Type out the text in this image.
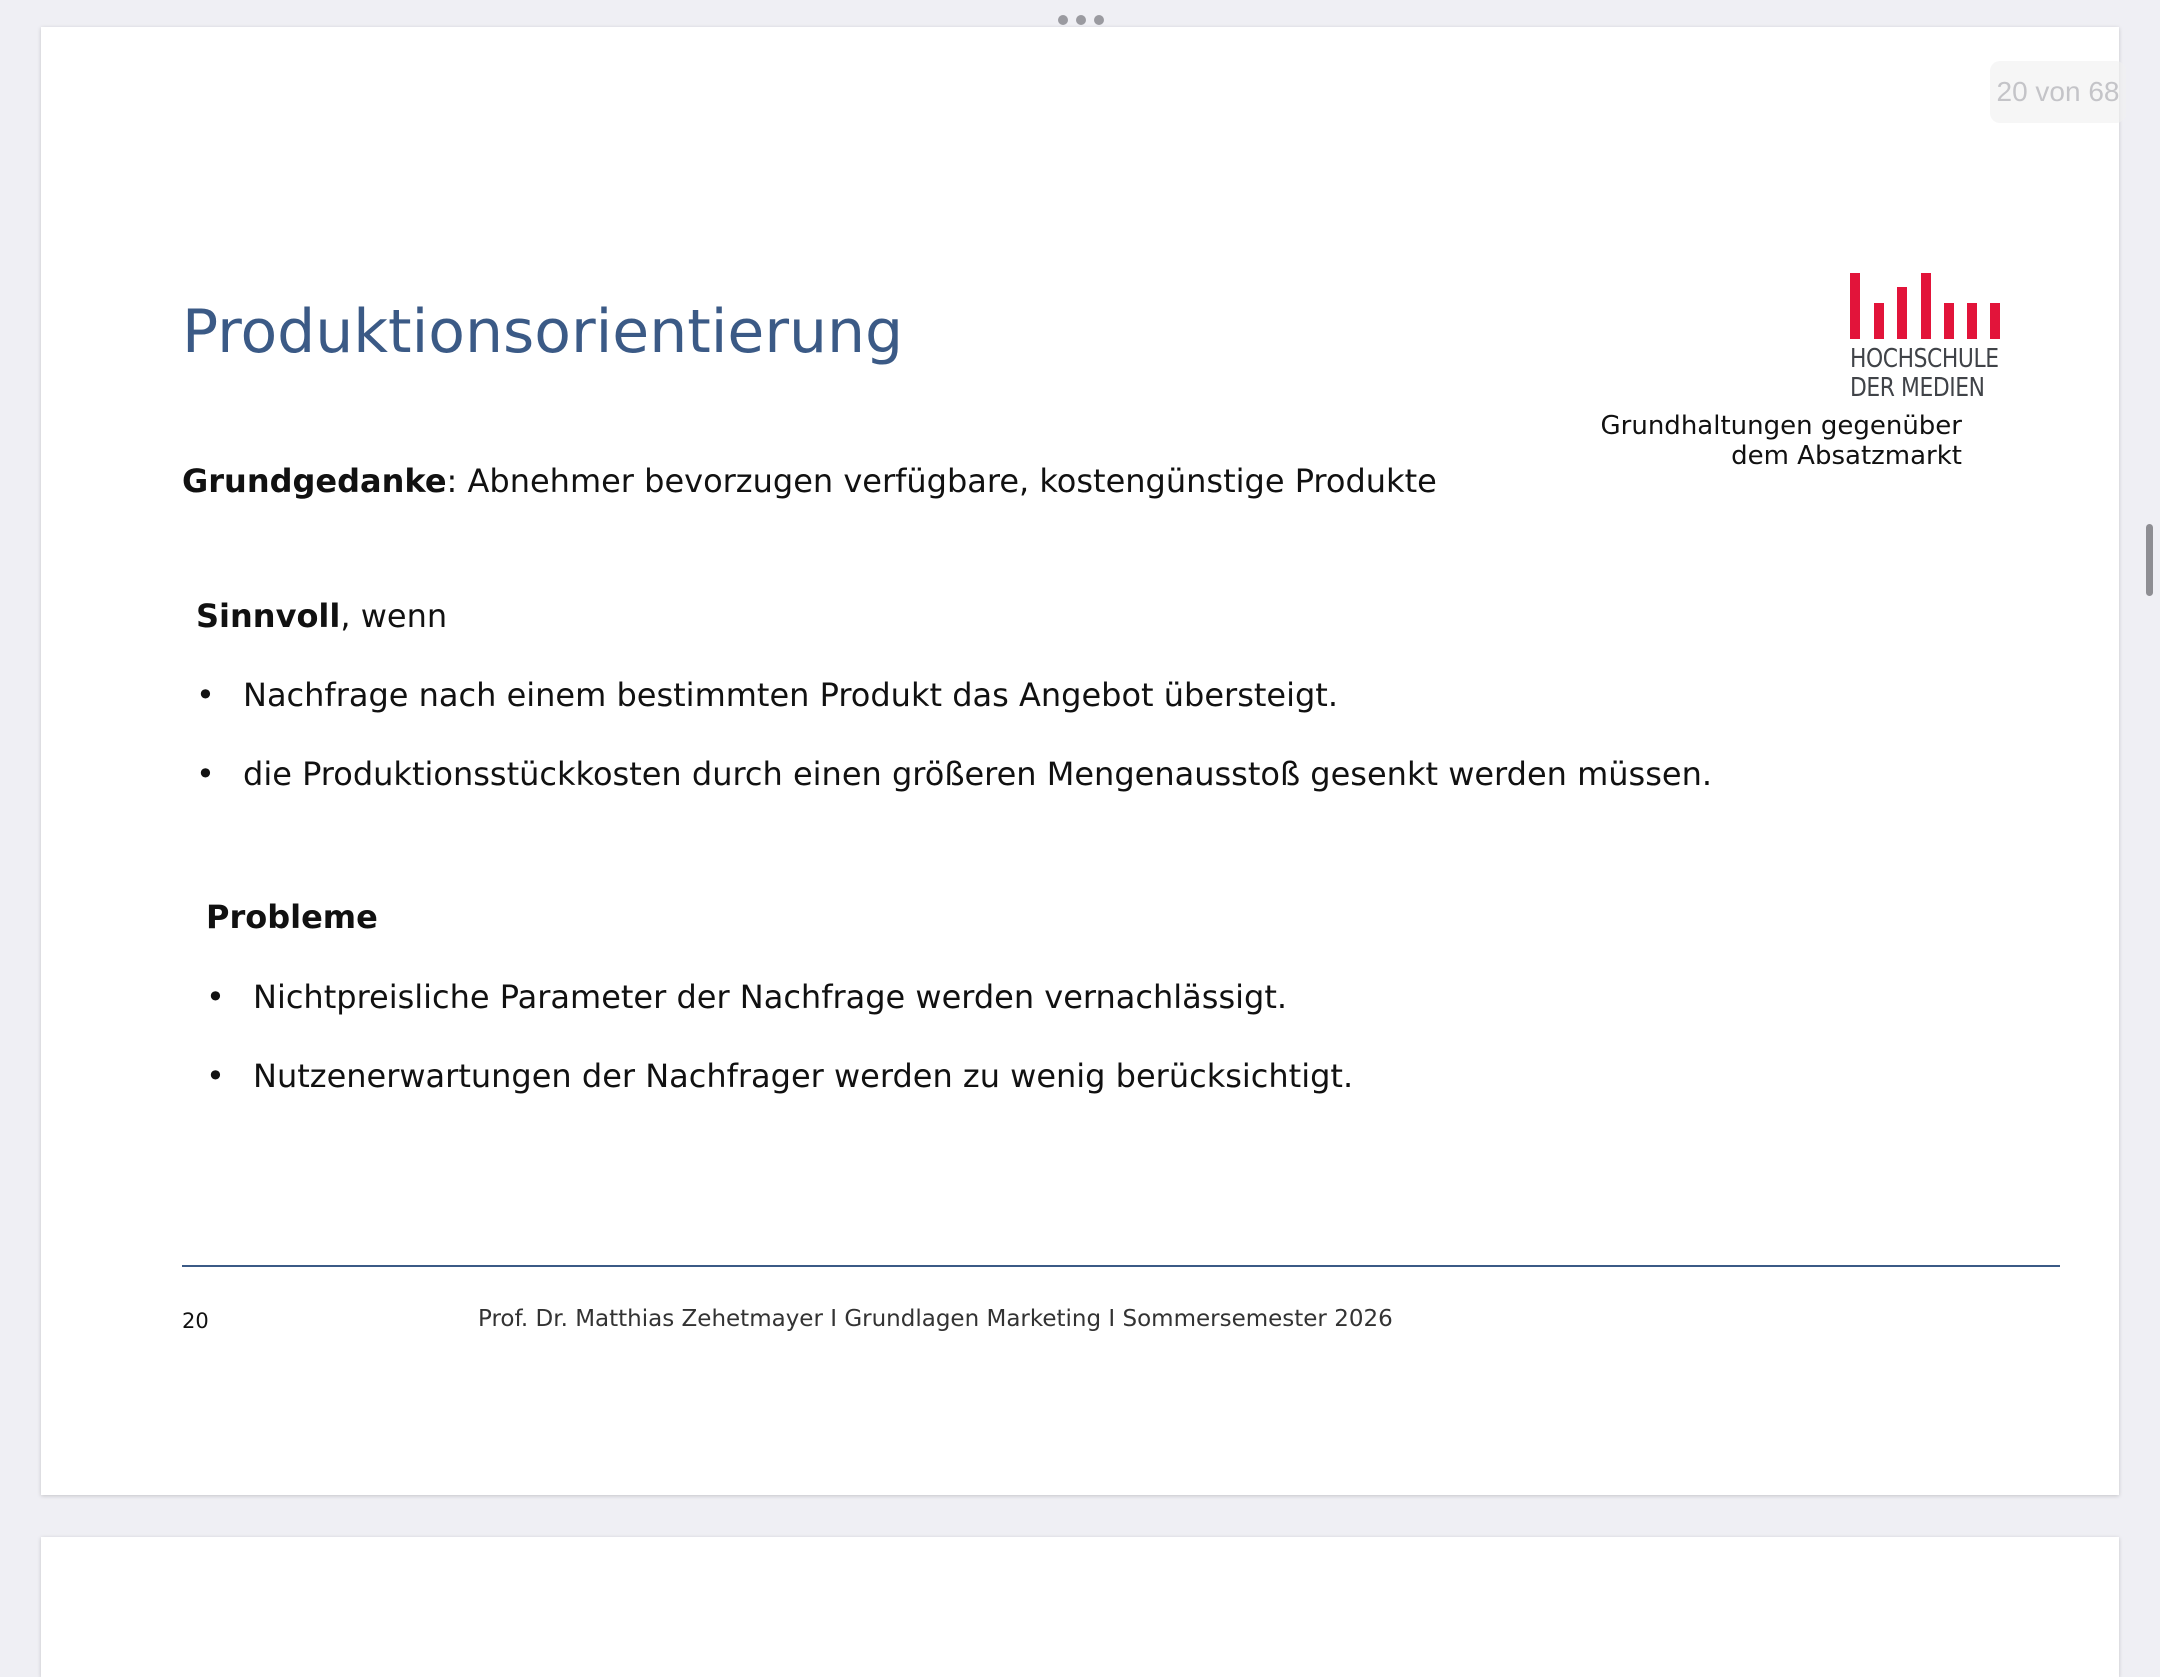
Produktionsorientierung	HOCHSCHULE
DER MEDIEN
Grundhaltungen gegenüber
dem Absatzmarkt

Grundgedanke: Abnehmer bevorzugen verfügbare, kostengünstige Produkte

Sinnvoll, wenn

• Nachfrage nach einem bestimmten Produkt das Angebot übersteigt.
• die Produktionsstückkosten durch einen größeren Mengenausstoß gesenkt werden müssen.

Probleme

• Nichtpreisliche Parameter der Nachfrage werden vernachlässigt.
• Nutzenerwartungen der Nachfrager werden zu wenig berücksichtigt.
20	Prof. Dr. Matthias Zehetmayer I Grundlagen Marketing I Sommersemester 2026
20 von 68
